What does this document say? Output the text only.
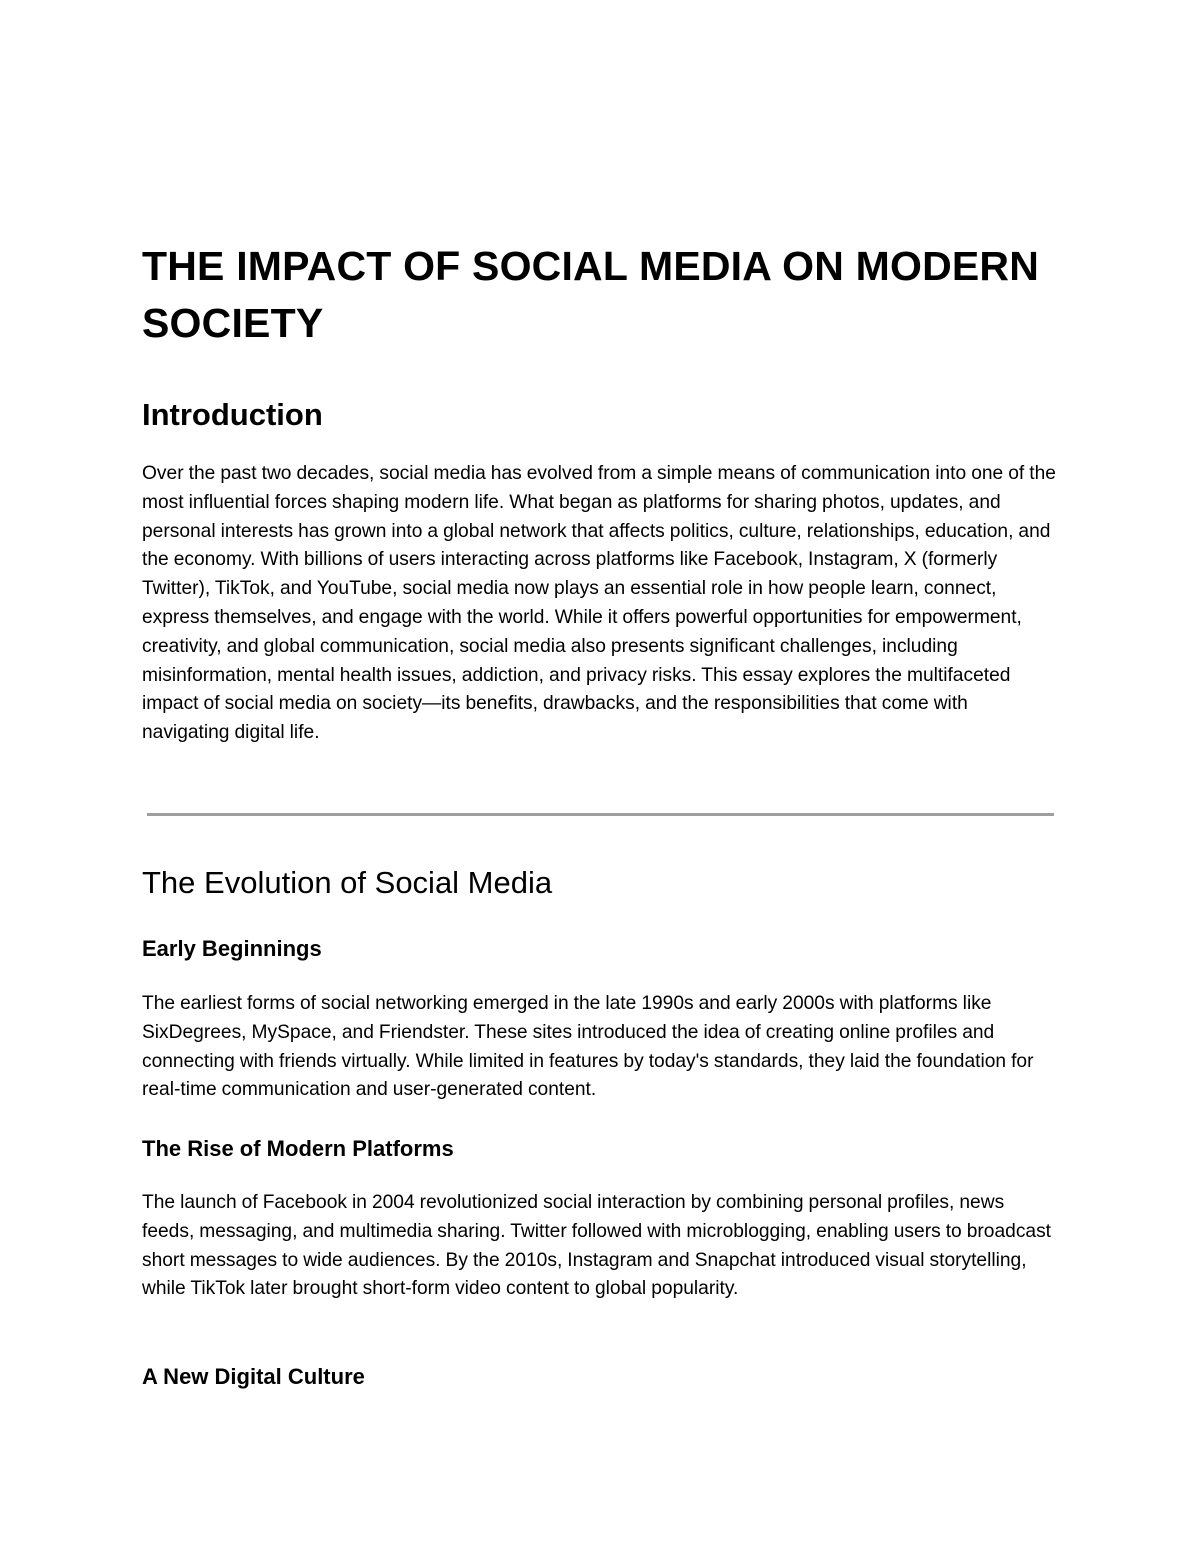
THE IMPACT OF SOCIAL MEDIA ON MODERN SOCIETY
Introduction

Over the past two decades, social media has evolved from a simple means of communication into one of the most influential forces shaping modern life. What began as platforms for sharing photos, updates, and personal interests has grown into a global network that affects politics, culture, relationships, education, and the economy. With billions of users interacting across platforms like Facebook, Instagram, X (formerly Twitter), TikTok, and YouTube, social media now plays an essential role in how people learn, connect, express themselves, and engage with the world. While it offers powerful opportunities for empowerment, creativity, and global communication, social media also presents significant challenges, including misinformation, mental health issues, addiction, and privacy risks. This essay explores the multifaceted impact of social media on society—its benefits, drawbacks, and the responsibilities that come with navigating digital life.

The Evolution of Social Media
Early Beginnings

The earliest forms of social networking emerged in the late 1990s and early 2000s with platforms like SixDegrees, MySpace, and Friendster. These sites introduced the idea of creating online profiles and connecting with friends virtually. While limited in features by today's standards, they laid the foundation for real-time communication and user-generated content.

The Rise of Modern Platforms

The launch of Facebook in 2004 revolutionized social interaction by combining personal profiles, news feeds, messaging, and multimedia sharing. Twitter followed with microblogging, enabling users to broadcast short messages to wide audiences. By the 2010s, Instagram and Snapchat introduced visual storytelling, while TikTok later brought short-form video content to global popularity.

A New Digital Culture
